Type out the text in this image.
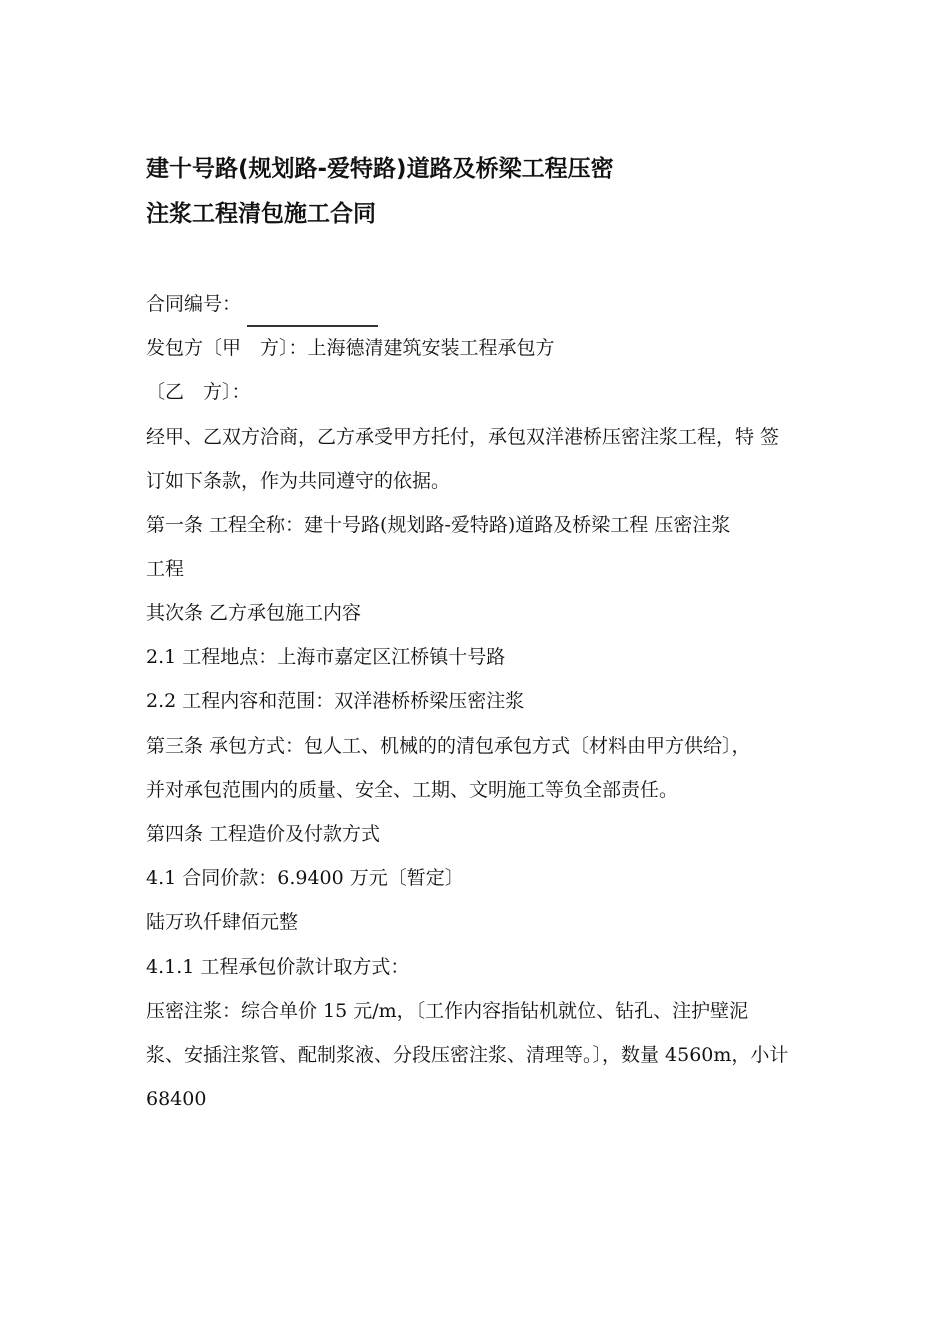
建十号路(规划路-爱特路)道路及桥梁工程压密
注浆工程清包施工合同
合同编号：
发包方〔甲　方〕：上海德清建筑安装工程承包方
〔乙　方〕：
经甲、乙双方洽商，乙方承受甲方托付，承包双洋港桥压密注浆工程，特 签
订如下条款，作为共同遵守的依据。
第一条 工程全称：建十号路(规划路-爱特路)道路及桥梁工程 压密注浆
工程
其次条 乙方承包施工内容
2.1 工程地点：上海市嘉定区江桥镇十号路
2.2 工程内容和范围：双洋港桥桥梁压密注浆
第三条 承包方式：包人工、机械的的清包承包方式〔材料由甲方供给〕，
并对承包范围内的质量、安全、工期、文明施工等负全部责任。
第四条 工程造价及付款方式
4.1 合同价款：6.9400 万元〔暂定〕
陆万玖仟肆佰元整
4.1.1 工程承包价款计取方式：
压密注浆：综合单价 15 元/m，〔工作内容指钻机就位、钻孔、注护壁泥
浆、安插注浆管、配制浆液、分段压密注浆、清理等。〕，数量 4560m，小计
68400
